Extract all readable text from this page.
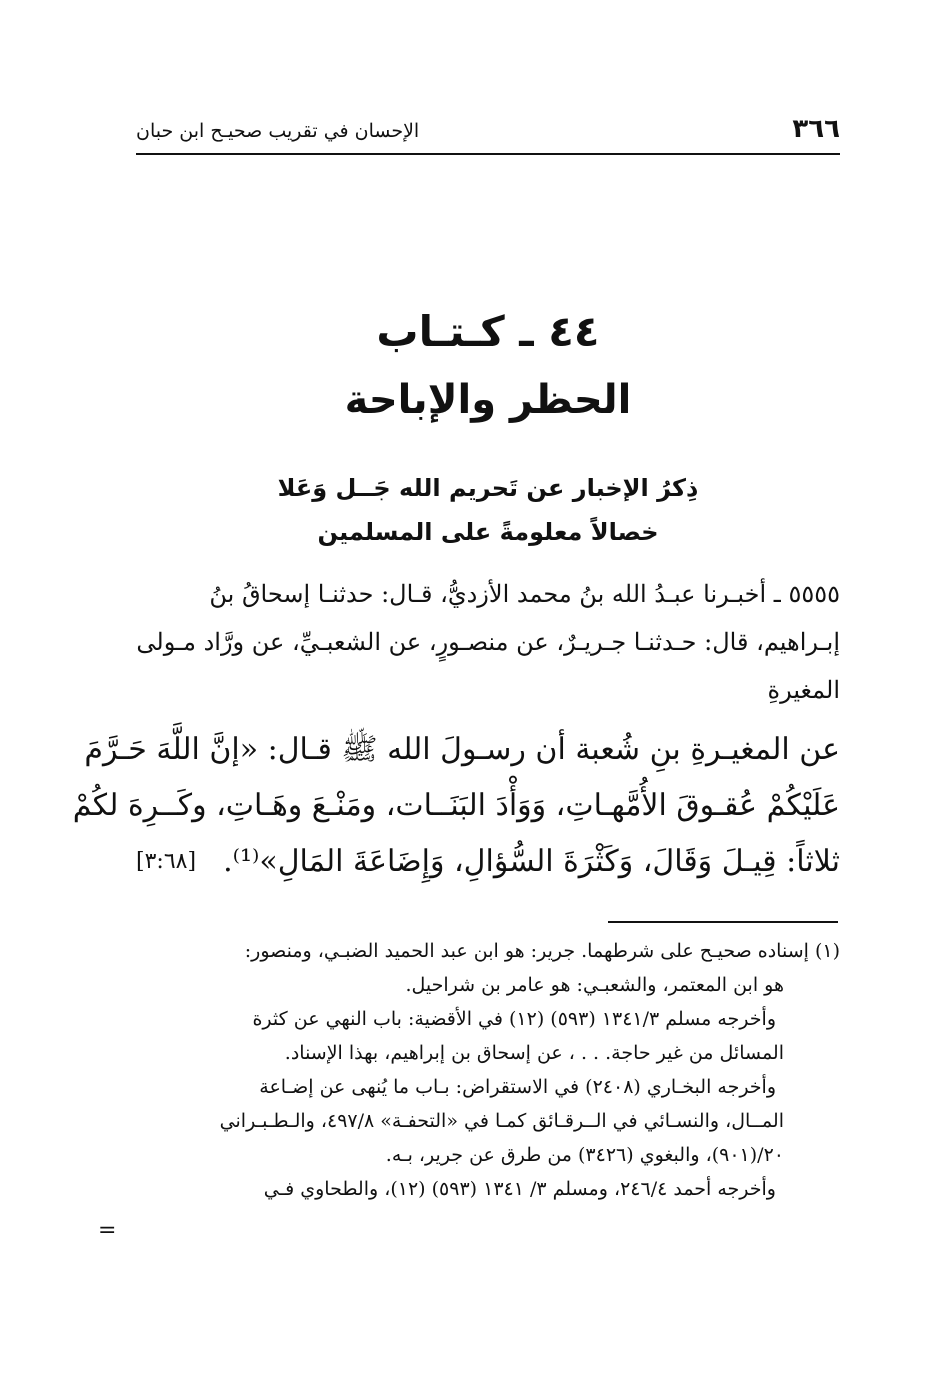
٣٦٦
الإحسان في تقريب صحيـح ابن حبان
٤٤ ـ كـتـاب
الحظر والإباحة
ذِكرُ الإخبار عن تَحريم الله جَــل وَعَلا
خصالاً معلومةً على المسلمين
٥٥٥٥ ـ أخبـرنا عبـدُ الله بنُ محمد الأزديُّ، قـال: حدثنـا إسحاقُ بنُ
إبـراهيم، قال: حـدثنـا جـريـرٌ، عن منصـورٍ، عن الشعبـيِّ، عن ورَّاد مـولى
المغيرةِ
عن المغيـرةِ بنِ شُعبة أن رسـولَ الله ﷺ قـال: «إنَّ اللَّهَ حَـرَّمَ
عَلَيْكُمْ عُقـوقَ الأُمَّهـاتِ، وَوَأْدَ البَنَــات، ومَنْـعَ وهَـاتِ، وكَــرِهَ لكُمْ
ثلاثاً: قِيـلَ وَقَالَ، وَكَثْرَةَ السُّؤالِ، وَإِضَاعَةَ المَالِ»⁽¹⁾.
[٣:٦٨]
(١) إسناده صحيـح على شرطهما. جرير: هو ابن عبد الحميد الضبـي، ومنصور:
هو ابن المعتمر، والشعبـي: هو عامر بن شراحيل.
وأخرجه مسلم ١٣٤١/٣ (٥٩٣) (١٢) في الأقضية: باب النهي عن كثرة
المسائل من غير حاجة. . . ، عن إسحاق بن إبراهيم، بهذا الإسناد.
وأخرجه البخـاري (٢٤٠٨) في الاستقراض: بـاب ما يُنهى عن إضـاعة
المــال، والنسـائي في الــرقـائق كمـا في «التحفـة» ٤٩٧/٨، والـطـبـراني
٢٠/(٩٠١)، والبغوي (٣٤٢٦) من طرق عن جرير، بـه.
وأخرجه أحمد ٢٤٦/٤، ومسلم ٣/ ١٣٤١ (٥٩٣) (١٢)، والطحاوي فـي
=
